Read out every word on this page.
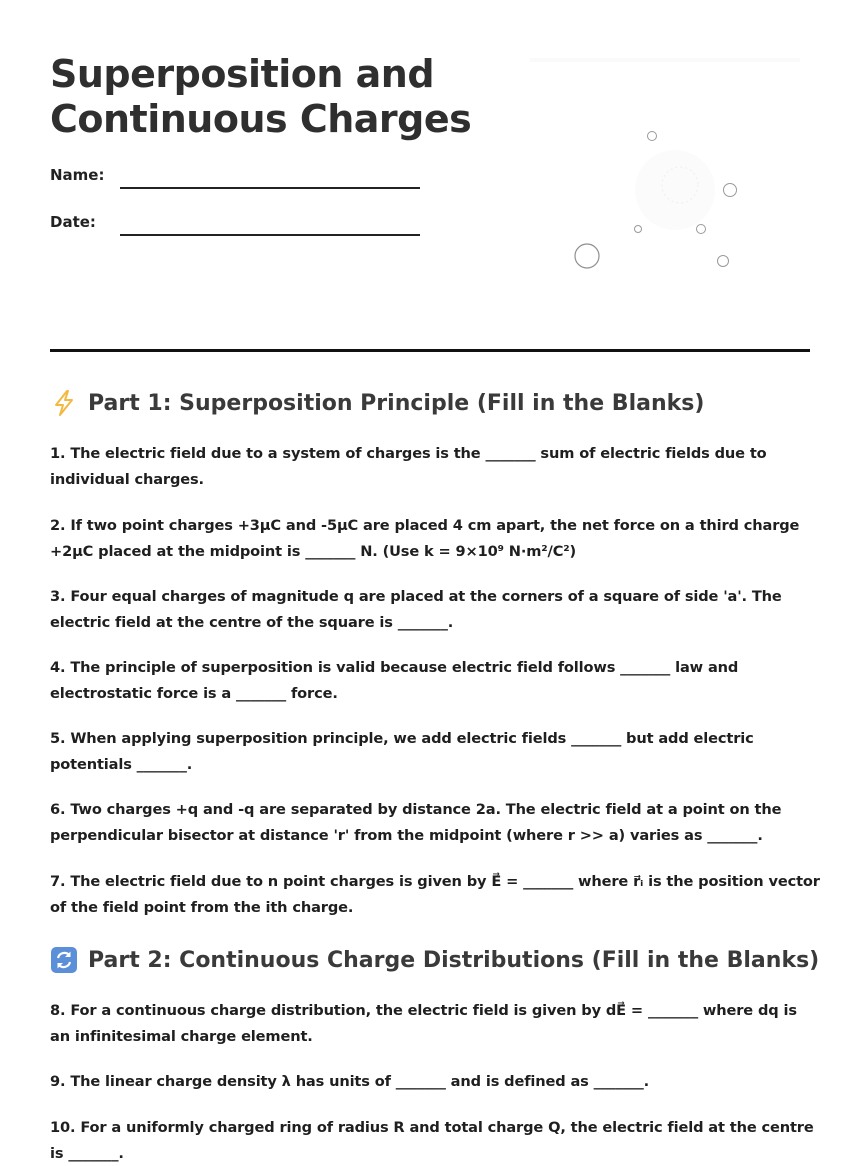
Superposition and
Continuous Charges
Name:
Date:
Part 1: Superposition Principle (Fill in the Blanks)

1. The electric field due to a system of charges is the _______ sum of electric fields due to individual charges.

2. If two point charges +3μC and -5μC are placed 4 cm apart, the net force on a third charge +2μC placed at the midpoint is _______ N. (Use k = 9×10⁹ N·m²/C²)

3. Four equal charges of magnitude q are placed at the corners of a square of side 'a'. The electric field at the centre of the square is _______.

4. The principle of superposition is valid because electric field follows _______ law and electrostatic force is a _______ force.

5. When applying superposition principle, we add electric fields _______ but add electric potentials _______.

6. Two charges +q and -q are separated by distance 2a. The electric field at a point on the perpendicular bisector at distance 'r' from the midpoint (where r >> a) varies as _______.

7. The electric field due to n point charges is given by E⃗ = _______ where r⃗ᵢ is the position vector of the field point from the ith charge.

Part 2: Continuous Charge Distributions (Fill in the Blanks)

8. For a continuous charge distribution, the electric field is given by dE⃗ = _______ where dq is an infinitesimal charge element.

9. The linear charge density λ has units of _______ and is defined as _______.

10. For a uniformly charged ring of radius R and total charge Q, the electric field at the centre is _______.
